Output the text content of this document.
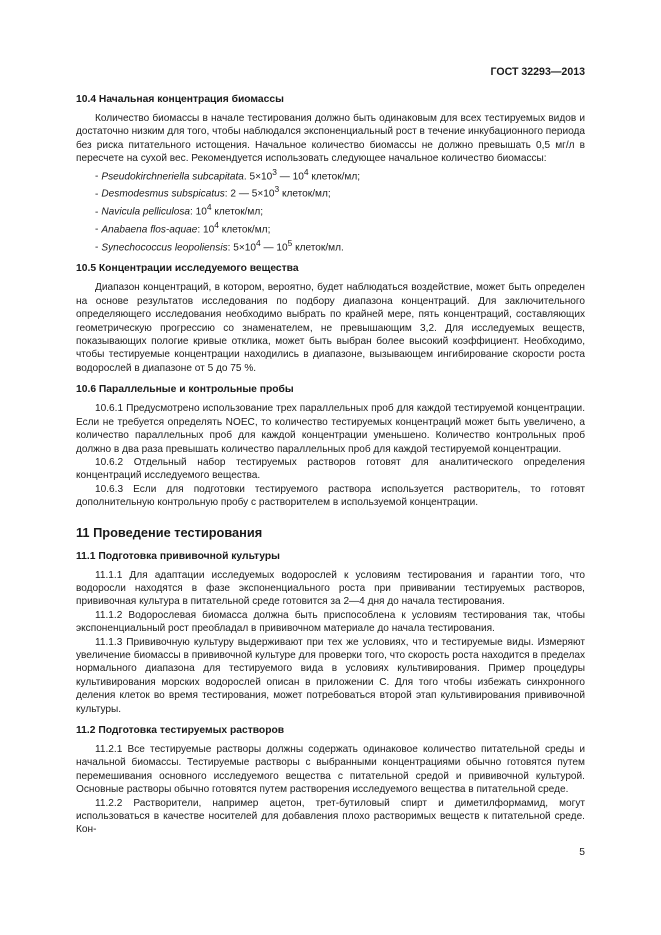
ГОСТ 32293—2013
10.4 Начальная концентрация биомассы

Количество биомассы в начале тестирования должно быть одинаковым для всех тестируемых видов и достаточно низким для того, чтобы наблюдался экспоненциальный рост в течение инкубационного периода без риска питательного истощения. Начальное количество биомассы не должно превышать 0,5 мг/л в пересчете на сухой вес. Рекомендуется использовать следующее начальное количество биомассы:

- Pseudokirchneriella subcapitata. $5\times 10^3$ — $10^4$ клеток/мл;
- Desmodesmus subspicatus: 2 — $5\times 10^3$ клеток/мл;
- Navicula pelliculosa: $10^4$ клеток/мл;
- Anabaena flos-aquae: $10^4$ клеток/мл;
- Synechococcus leopoliensis: $5\times 10^4$ — $10^5$ клеток/мл.
10.5 Концентрации исследуемого вещества

Диапазон концентраций, в котором, вероятно, будет наблюдаться воздействие, может быть определен на основе результатов исследования по подбору диапазона концентраций. Для заключительного определяющего исследования необходимо выбрать по крайней мере, пять концентраций, составляющих геометрическую прогрессию со знаменателем, не превышающим 3,2. Для исследуемых веществ, показывающих пологие кривые отклика, может быть выбран более высокий коэффициент. Необходимо, чтобы тестируемые концентрации находились в диапазоне, вызывающем ингибирование скорости роста водорослей в диапазоне от 5 до 75 %.

10.6 Параллельные и контрольные пробы

10.6.1 Предусмотрено использование трех параллельных проб для каждой тестируемой концентрации. Если не требуется определять NOEC, то количество тестируемых концентраций может быть увеличено, а количество параллельных проб для каждой концентрации уменьшено. Количество контрольных проб должно в два раза превышать количество параллельных проб для каждой тестируемой концентрации.

10.6.2 Отдельный набор тестируемых растворов готовят для аналитического определения концентраций исследуемого вещества.

10.6.3 Если для подготовки тестируемого раствора используется растворитель, то готовят дополнительную контрольную пробу с растворителем в используемой концентрации.

11 Проведение тестирования
11.1 Подготовка прививочной культуры

11.1.1 Для адаптации исследуемых водорослей к условиям тестирования и гарантии того, что водоросли находятся в фазе экспоненциального роста при прививании тестируемых растворов, прививочная культура в питательной среде готовится за 2—4 дня до начала тестирования.

11.1.2 Водорослевая биомасса должна быть приспособлена к условиям тестирования так, чтобы экспоненциальный рост преобладал в прививочном материале до начала тестирования.

11.1.3 Прививочную культуру выдерживают при тех же условиях, что и тестируемые виды. Измеряют увеличение биомассы в прививочной культуре для проверки того, что скорость роста находится в пределах нормального диапазона для тестируемого вида в условиях культивирования. Пример процедуры культивирования морских водорослей описан в приложении С. Для того чтобы избежать синхронного деления клеток во время тестирования, может потребоваться второй этап культивирования прививочной культуры.

11.2 Подготовка тестируемых растворов

11.2.1 Все тестируемые растворы должны содержать одинаковое количество питательной среды и начальной биомассы. Тестируемые растворы с выбранными концентрациями обычно готовятся путем перемешивания основного исследуемого вещества с питательной средой и прививочной культурой. Основные растворы обычно готовятся путем растворения исследуемого вещества в питательной среде.

11.2.2 Растворители, например ацетон, трет-бутиловый спирт и диметилформамид, могут использоваться в качестве носителей для добавления плохо растворимых веществ к питательной среде. Кон-

5
